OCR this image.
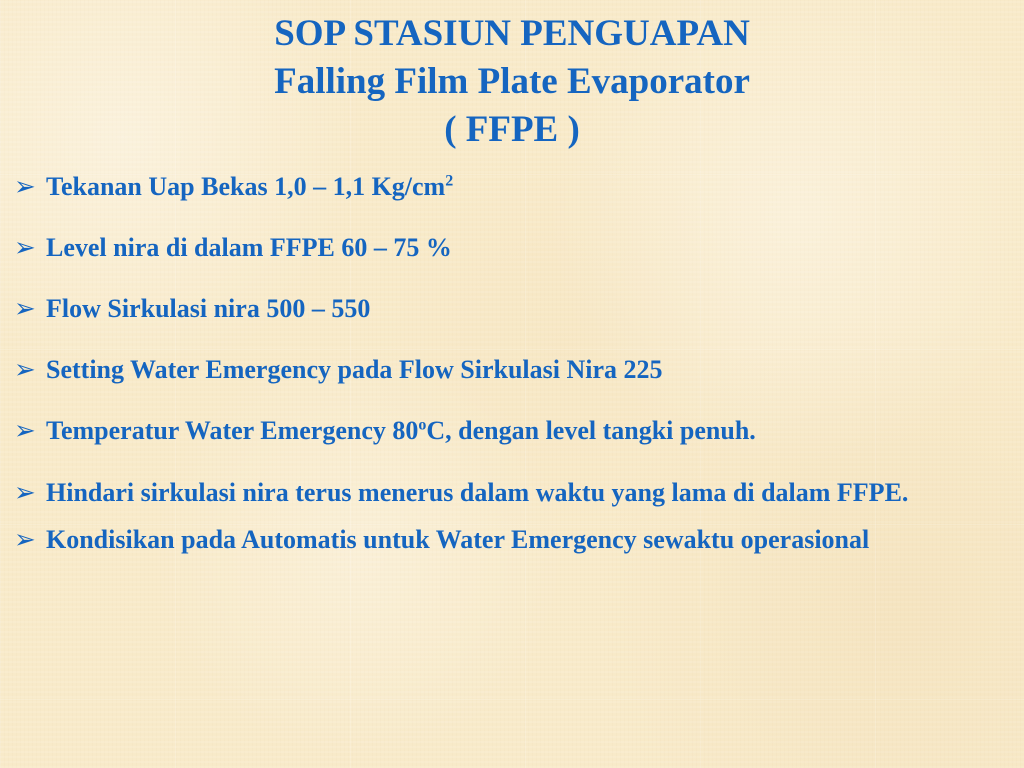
SOP STASIUN PENGUAPAN
Falling Film Plate Evaporator
( FFPE )
➢ Tekanan Uap Bekas 1,0 – 1,1 $Kg/cm^2$
➢ Level nira di dalam FFPE 60 – 75 %
➢ Flow Sirkulasi nira 500 – 550
➢ Setting Water Emergency pada Flow Sirkulasi Nira 225
➢ Temperatur Water Emergency 80$^o$C, dengan level tangki penuh.
➢ Hindari sirkulasi nira terus menerus dalam waktu yang lama di dalam FFPE.
➢ Kondisikan pada Automatis untuk Water Emergency sewaktu operasional
